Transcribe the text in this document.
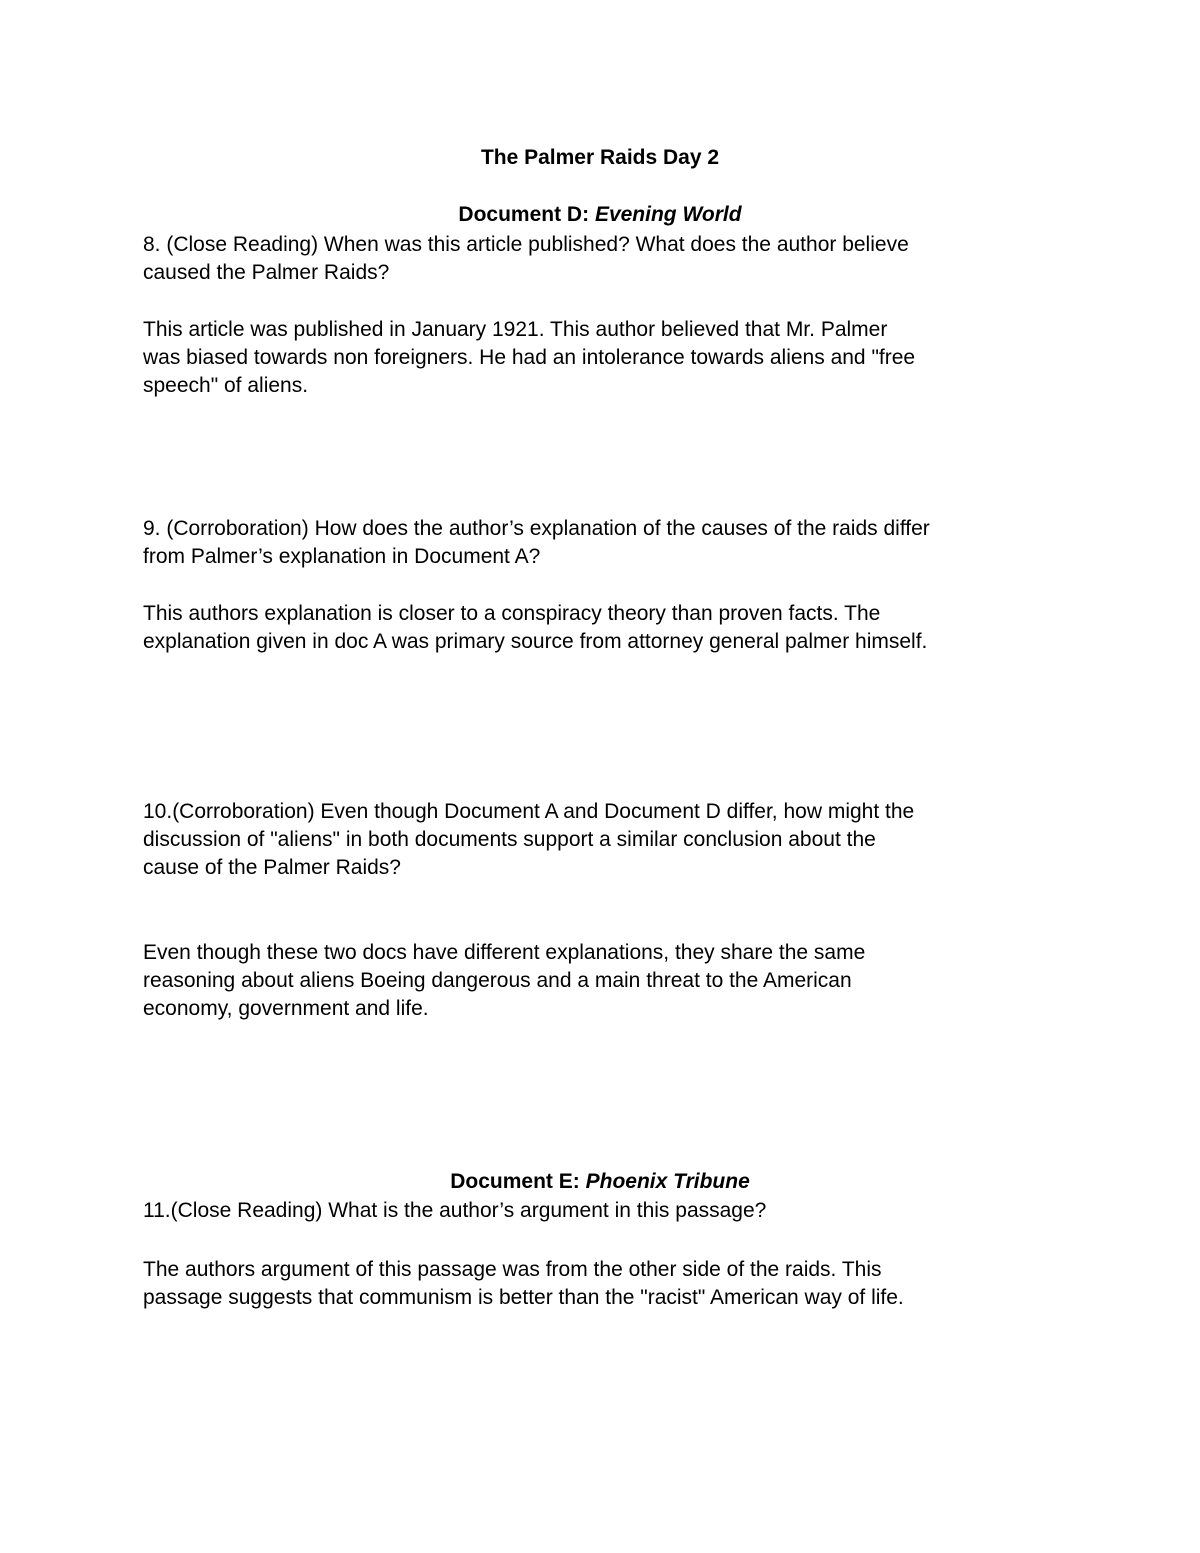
The Palmer Raids Day 2
Document D: Evening World

8. (Close Reading) When was this article published? What does the author believe
caused the Palmer Raids?

This article was published in January 1921. This author believed that Mr. Palmer
was biased towards non foreigners. He had an intolerance towards aliens and "free
speech" of aliens.

9. (Corroboration) How does the author’s explanation of the causes of the raids differ
from Palmer’s explanation in Document A?

This authors explanation is closer to a conspiracy theory than proven facts. The
explanation given in doc A was primary source from attorney general palmer himself.

10.(Corroboration) Even though Document A and Document D differ, how might the
discussion of "aliens" in both documents support a similar conclusion about the
cause of the Palmer Raids?

Even though these two docs have different explanations, they share the same
reasoning about aliens Boeing dangerous and a main threat to the American
economy, government and life.

Document E: Phoenix Tribune

11.(Close Reading) What is the author’s argument in this passage?

The authors argument of this passage was from the other side of the raids. This
passage suggests that communism is better than the "racist" American way of life.
